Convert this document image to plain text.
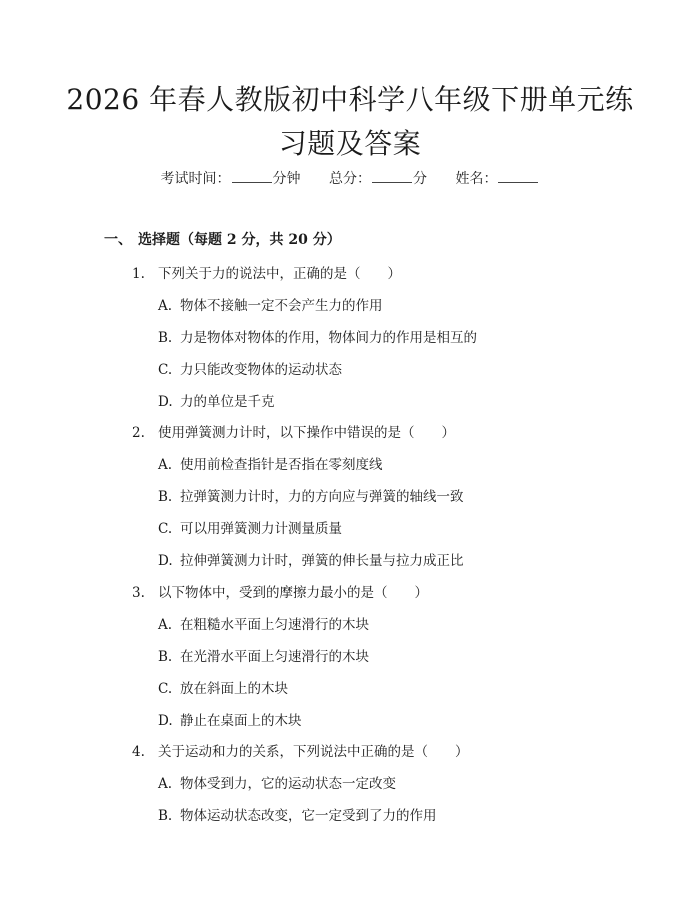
2026 年春人教版初中科学八年级下册单元练
习题及答案
考试时间：	分钟 总分：	分 姓名：
一、 选择题（每题 2 分，共 20 分）
1. 下列关于力的说法中，正确的是（　　）
A. 物体不接触一定不会产生力的作用
B. 力是物体对物体的作用，物体间力的作用是相互的
C. 力只能改变物体的运动状态
D. 力的单位是千克
2. 使用弹簧测力计时，以下操作中错误的是（　　）
A. 使用前检查指针是否指在零刻度线
B. 拉弹簧测力计时，力的方向应与弹簧的轴线一致
C. 可以用弹簧测力计测量质量
D. 拉伸弹簧测力计时，弹簧的伸长量与拉力成正比
3. 以下物体中，受到的摩擦力最小的是（　　）
A. 在粗糙水平面上匀速滑行的木块
B. 在光滑水平面上匀速滑行的木块
C. 放在斜面上的木块
D. 静止在桌面上的木块
4. 关于运动和力的关系，下列说法中正确的是（　　）
A. 物体受到力，它的运动状态一定改变
B. 物体运动状态改变，它一定受到了力的作用
